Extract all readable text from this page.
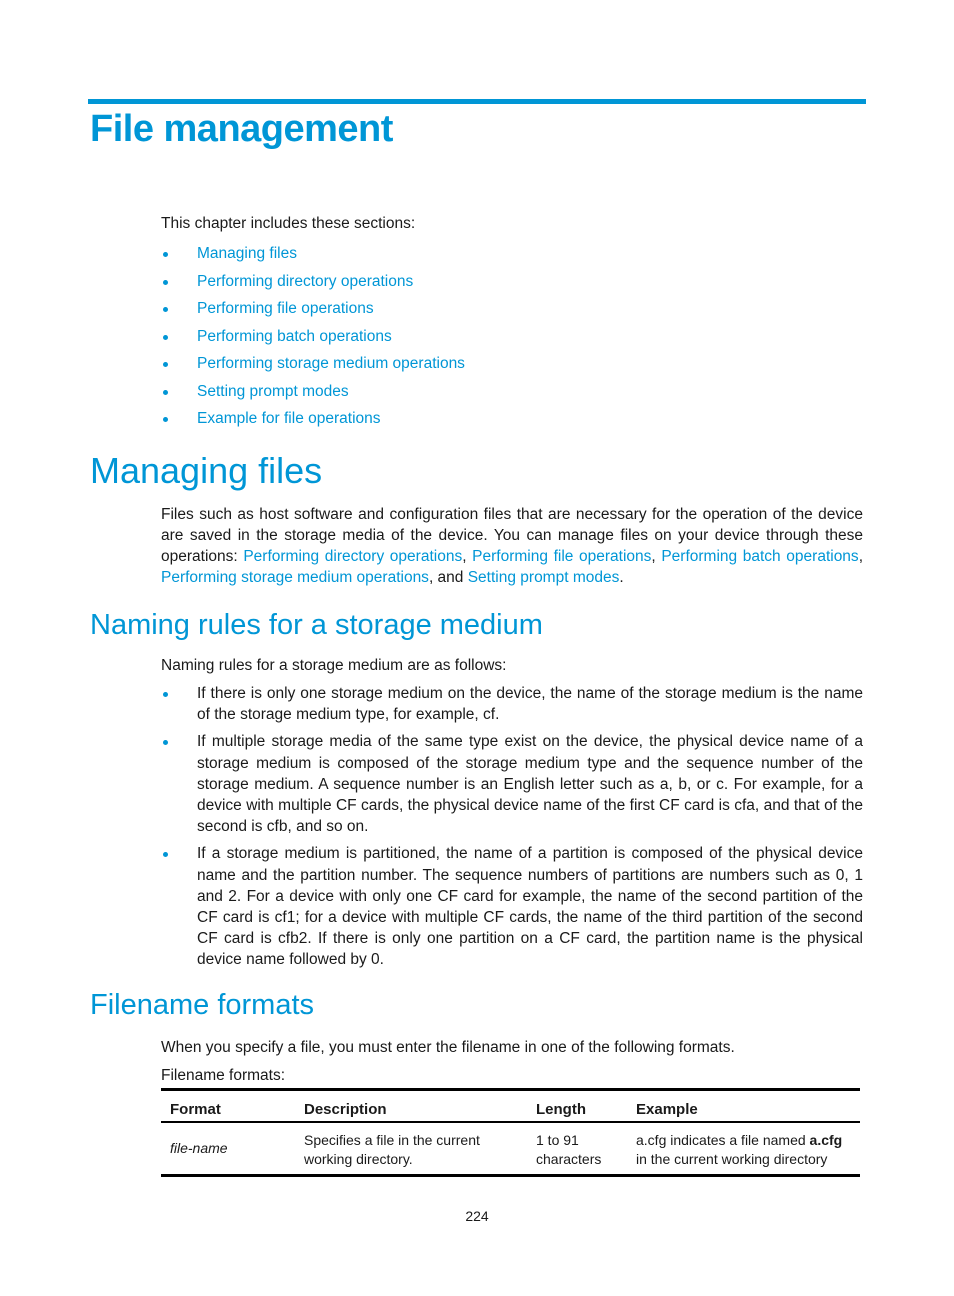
File management

This chapter includes these sections:

Managing files
Performing directory operations
Performing file operations
Performing batch operations
Performing storage medium operations
Setting prompt modes
Example for file operations
Managing files

Files such as host software and configuration files that are necessary for the operation of the device are saved in the storage media of the device. You can manage files on your device through these operations: Performing directory operations, Performing file operations, Performing batch operations, Performing storage medium operations, and Setting prompt modes.

Naming rules for a storage medium

Naming rules for a storage medium are as follows:

If there is only one storage medium on the device, the name of the storage medium is the name of the storage medium type, for example, cf.
If multiple storage media of the same type exist on the device, the physical device name of a storage medium is composed of the storage medium type and the sequence number of the storage medium. A sequence number is an English letter such as a, b, or c. For example, for a device with multiple CF cards, the physical device name of the first CF card is cfa, and that of the second is cfb, and so on.
If a storage medium is partitioned, the name of a partition is composed of the physical device name and the partition number. The sequence numbers of partitions are numbers such as 0, 1 and 2. For a device with only one CF card for example, the name of the second partition of the CF card is cf1; for a device with multiple CF cards, the name of the third partition of the second CF card is cfb2. If there is only one partition on a CF card, the partition name is the physical device name followed by 0.
Filename formats

When you specify a file, you must enter the filename in one of the following formats.

Filename formats:

Format	Description	Length	Example
file-name	Specifies a file in the current working directory.	1 to 91 characters	a.cfg indicates a file named a.cfg in the current working directory

224
